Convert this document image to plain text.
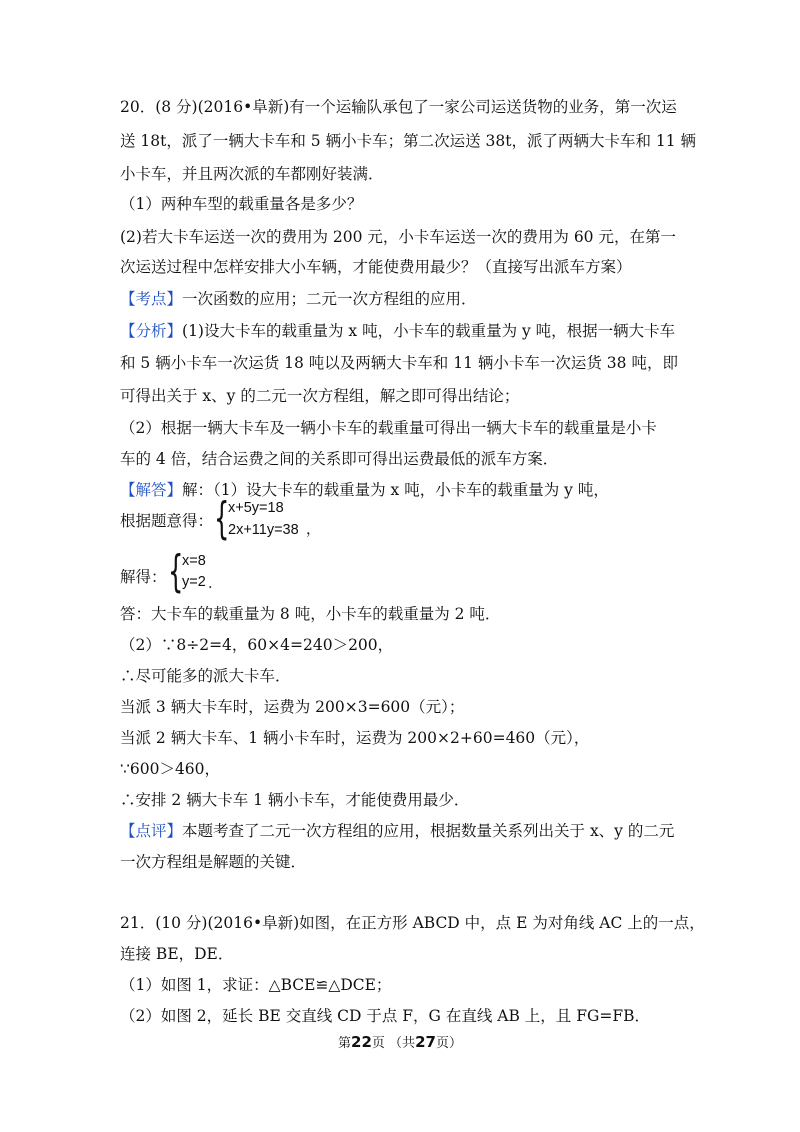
20．(8 分)(2016•阜新)有一个运输队承包了一家公司运送货物的业务，第一次运
送 18t，派了一辆大卡车和 5 辆小卡车；第二次运送 38t，派了两辆大卡车和 11 辆
小卡车，并且两次派的车都刚好装满．
（1）两种车型的载重量各是多少？
(2)若大卡车运送一次的费用为 200 元，小卡车运送一次的费用为 60 元，在第一
次运送过程中怎样安排大小车辆，才能使费用最少？（直接写出派车方案）
【考点】一次函数的应用；二元一次方程组的应用．
【分析】(1)设大卡车的载重量为 x 吨，小卡车的载重量为 y 吨，根据一辆大卡车
和 5 辆小卡车一次运货 18 吨以及两辆大卡车和 11 辆小卡车一次运货 38 吨，即
可得出关于 x、y 的二元一次方程组，解之即可得出结论；
（2）根据一辆大卡车及一辆小卡车的载重量可得出一辆大卡车的载重量是小卡
车的 4 倍，结合运费之间的关系即可得出运费最低的派车方案．
【解答】解：（1）设大卡车的载重量为 x 吨，小卡车的载重量为 y 吨，
根据题意得： {
x+5y=18
2x+11y=38 ，
解得： {
x=8
y=2 ．
答：大卡车的载重量为 8 吨，小卡车的载重量为 2 吨．
（2）∵8÷2=4，60×4=240＞200，
∴尽可能多的派大卡车．
当派 3 辆大卡车时，运费为 200×3=600（元）；
当派 2 辆大卡车、1 辆小卡车时，运费为 200×2+60=460（元），
∵600＞460，
∴安排 2 辆大卡车 1 辆小卡车，才能使费用最少．
【点评】本题考查了二元一次方程组的应用，根据数量关系列出关于 x、y 的二元
一次方程组是解题的关键．
21．(10 分)(2016•阜新)如图，在正方形 ABCD 中，点 E 为对角线 AC 上的一点，
连接 BE，DE．
（1）如图 1，求证：△BCE≌△DCE；
（2）如图 2，延长 BE 交直线 CD 于点 F，G 在直线 AB 上，且 FG=FB．
第22页 （共27页）
